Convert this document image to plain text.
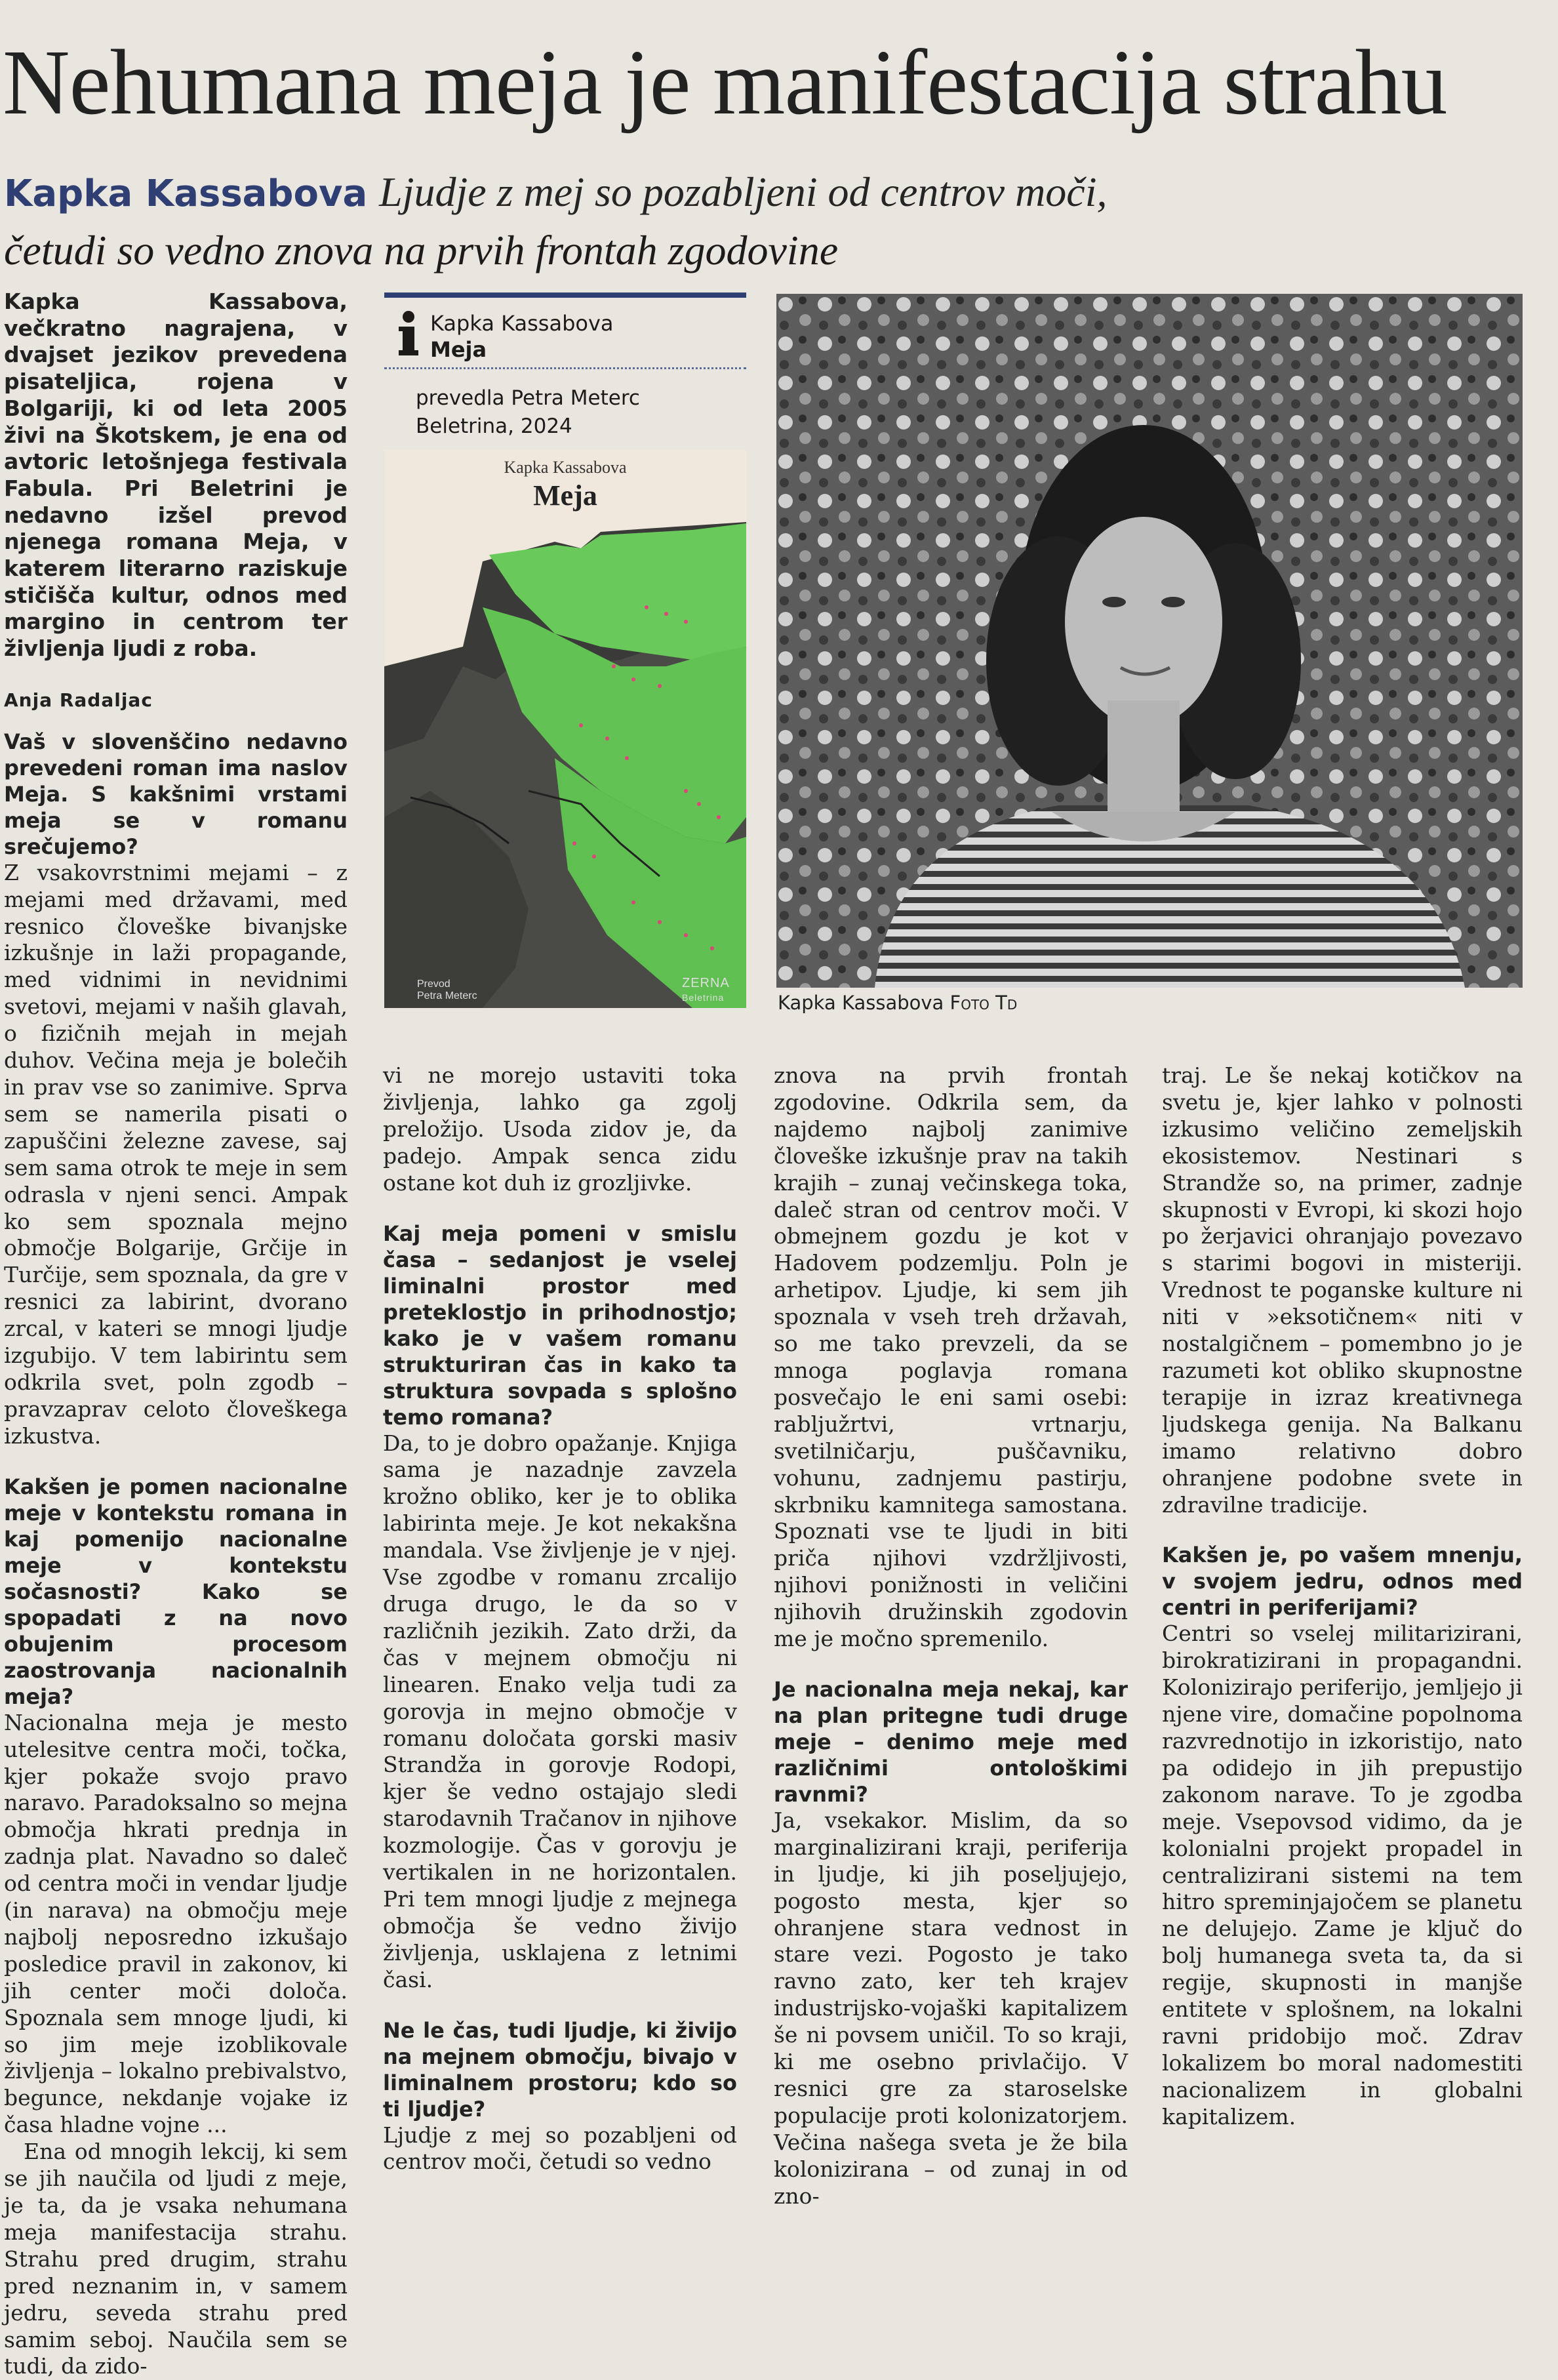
Nehumana meja je manifestacija strahu
Kapka Kassabova Ljudje z mej so pozabljeni od centrov moči,
četudi so vedno znova na prvih frontah zgodovine

Kapka Kassabova, večkratno nagrajena, v dvajset jezikov prevedena pisateljica, rojena v Bolgariji, ki od leta 2005 živi na Škotskem, je ena od avtoric letošnjega festivala Fabula. Pri Beletrini je nedavno izšel prevod njenega romana Meja, v katerem literarno raziskuje stičišča kultur, odnos med margino in centrom ter življenja ljudi z roba.

Anja Radaljac

Vaš v slovenščino nedavno prevedeni roman ima naslov Meja. S kakšnimi vrstami meja se v romanu srečujemo?

Z vsakovrstnimi mejami – z mejami med državami, med resnico človeške bivanjske izkušnje in laži propagande, med vidnimi in nevidnimi svetovi, mejami v naših glavah, o fizičnih mejah in mejah duhov. Večina meja je bolečih in prav vse so zanimive. Sprva sem se namerila pisati o zapuščini železne zavese, saj sem sama otrok te meje in sem odrasla v njeni senci. Ampak ko sem spoznala mejno območje Bolgarije, Grčije in Turčije, sem spoznala, da gre v resnici za labirint, dvorano zrcal, v kateri se mnogi ljudje izgubijo. V tem labirintu sem odkrila svet, poln zgodb – pravzaprav celoto človeškega izkustva.

Kakšen je pomen nacionalne meje v kontekstu romana in kaj pomenijo nacionalne meje v kontekstu sočasnosti? Kako se spopadati z na novo obujenim procesom zaostrovanja nacionalnih meja?

Nacionalna meja je mesto utelesitve centra moči, točka, kjer pokaže svojo pravo naravo. Paradoksalno so mejna območja hkrati prednja in zadnja plat. Navadno so daleč od centra moči in vendar ljudje (in narava) na območju meje najbolj neposredno izkušajo posledice pravil in zakonov, ki jih center moči določa. Spoznala sem mnoge ljudi, ki so jim meje izoblikovale življenja – lokalno prebivalstvo, begunce, nekdanje vojake iz časa hladne vojne ...

Ena od mnogih lekcij, ki sem se jih naučila od ljudi z meje, je ta, da je vsaka nehumana meja manifestacija strahu. Strahu pred drugim, strahu pred neznanim in, v samem jedru, seveda strahu pred samim seboj. Naučila sem se tudi, da zido-

Kapka Kassabova
Meja
prevedla Petra Meterc
Beletrina, 2024
Kapka Kassabova
Meja
Prevod
Petra Meterc
ZERNA
Beletrina	Kapka Kassabova Foto Td

vi ne morejo ustaviti toka življenja, lahko ga zgolj preložijo. Usoda zidov je, da padejo. Ampak senca zidu ostane kot duh iz grozljivke.

Kaj meja pomeni v smislu časa – sedanjost je vselej liminalni prostor med preteklostjo in prihodnostjo; kako je v vašem romanu strukturiran čas in kako ta struktura sovpada s splošno temo romana?

Da, to je dobro opažanje. Knjiga sama je nazadnje zavzela krožno obliko, ker je to oblika labirinta meje. Je kot nekakšna mandala. Vse življenje je v njej. Vse zgodbe v romanu zrcalijo druga drugo, le da so v različnih jezikih. Zato drži, da čas v mejnem območju ni linearen. Enako velja tudi za gorovja in mejno območje v romanu določata gorski masiv Strandža in gorovje Rodopi, kjer še vedno ostajajo sledi starodavnih Tračanov in njihove kozmologije. Čas v gorovju je vertikalen in ne horizontalen. Pri tem mnogi ljudje z mejnega območja še vedno živijo življenja, usklajena z letnimi časi.

Ne le čas, tudi ljudje, ki živijo na mejnem območju, bivajo v liminalnem prostoru; kdo so ti ljudje?

Ljudje z mej so pozabljeni od centrov moči, četudi so vedno

znova na prvih frontah zgodovine. Odkrila sem, da najdemo najbolj zanimive človeške izkušnje prav na takih krajih – zunaj večinskega toka, daleč stran od centrov moči. V obmejnem gozdu je kot v Hadovem podzemlju. Poln je arhetipov. Ljudje, ki sem jih spoznala v vseh treh državah, so me tako prevzeli, da se mnoga poglavja romana posvečajo le eni sami osebi: rabljužrtvi, vrtnarju, svetilničarju, puščavniku, vohunu, zadnjemu pastirju, skrbniku kamnitega samostana. Spoznati vse te ljudi in biti priča njihovi vzdržljivosti, njihovi ponižnosti in veličini njihovih družinskih zgodovin me je močno spremenilo.

Je nacionalna meja nekaj, kar na plan pritegne tudi druge meje – denimo meje med različnimi ontološkimi ravnmi?

Ja, vsekakor. Mislim, da so marginalizirani kraji, periferija in ljudje, ki jih poseljujejo, pogosto mesta, kjer so ohranjene stara vednost in stare vezi. Pogosto je tako ravno zato, ker teh krajev industrijsko-vojaški kapitalizem še ni povsem uničil. To so kraji, ki me osebno privlačijo. V resnici gre za staroselske populacije proti kolonizatorjem. Večina našega sveta je že bila kolonizirana – od zunaj in od zno-

traj. Le še nekaj kotičkov na svetu je, kjer lahko v polnosti izkusimo veličino zemeljskih ekosistemov. Nestinari s Strandže so, na primer, zadnje skupnosti v Evropi, ki skozi hojo po žerjavici ohranjajo povezavo s starimi bogovi in misteriji. Vrednost te poganske kulture ni niti v »eksotičnem« niti v nostalgičnem – pomembno jo je razumeti kot obliko skupnostne terapije in izraz kreativnega ljudskega genija. Na Balkanu imamo relativno dobro ohranjene podobne svete in zdravilne tradicije.

Kakšen je, po vašem mnenju, v svojem jedru, odnos med centri in periferijami?

Centri so vselej militarizirani, birokratizirani in propagandni. Kolonizirajo periferijo, jemljejo ji njene vire, domačine popolnoma razvrednotijo in izkoristijo, nato pa odidejo in jih prepustijo zakonom narave. To je zgodba meje. Vsepovsod vidimo, da je kolonialni projekt propadel in centralizirani sistemi na tem hitro spreminjajočem se planetu ne delujejo. Zame je ključ do bolj humanega sveta ta, da si regije, skupnosti in manjše entitete v splošnem, na lokalni ravni pridobijo moč. Zdrav lokalizem bo moral nadomestiti nacionalizem in globalni kapitalizem.
